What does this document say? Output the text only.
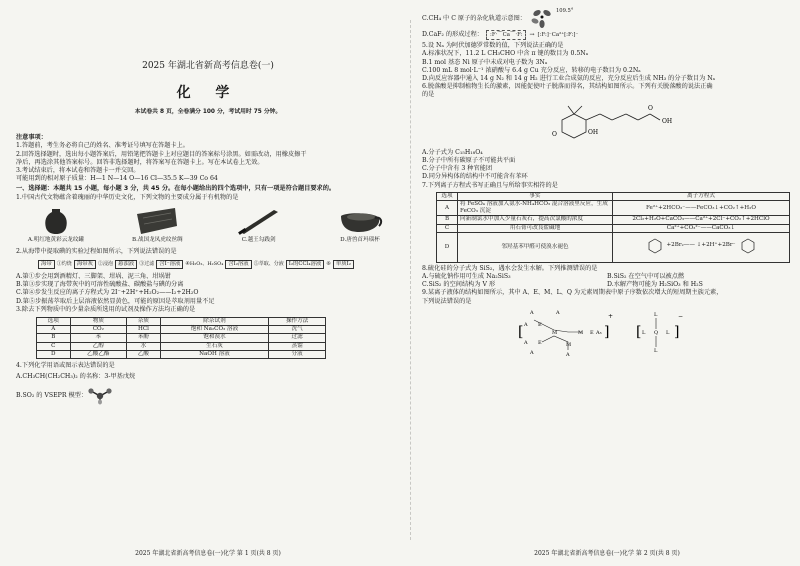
2025 年湖北省新高考信息卷(一)
化 学
本试卷共 8 页，全卷满分 100 分，考试用时 75 分钟。
注意事项：

1.答题前，考生务必将自己的姓名、准考证号填写在答题卡上。

2.回答选择题时，选出每小题答案后，用铅笔把答题卡上对应题目的答案标号涂黑。如需改动，用橡皮擦干

净后，再选涂其他答案标号。回答非选择题时，将答案写在答题卡上。写在本试卷上无效。

3.考试结束后，将本试卷和答题卡一并交回。

可能用到的相对原子质量：H—1 N—14 O—16 Cl—35.5 K—39 Co 64

一、选择题：本题共 15 小题，每小题 3 分，共 45 分。在每小题给出的四个选项中，只有一项是符合题目要求的。

1.中国古代文物蕴含着瑰丽的中华历史文化，下列文物的主要成分属于有机物的是

A.明红地黄彩云龙纹罐	B.战国龙凤虎纹丝绸	C.越王勾践剑	D.唐兽首玛瑙杯

2.从海带中提取碘的实验过程如图所示，下列说法错误的是

海带	①灼烧 海带灰	②浸泡 悬浊液	③过滤 含I⁻溶液	④H₂O₂、H₂SO₄ 含I₂溶液	⑤萃取、分液 I₂的CCl₄溶液	⑥ 单质I₂

A.第①步会用到酒精灯、三脚架、坩埚、泥三角、坩埚钳

B.第③步实现了海带灰中的可溶性硫酸盐、碳酸盐与碘的分离

C.第④步发生反应的离子方程式为 2I⁻+2H⁺+H₂O₂——I₂+2H₂O

D.第⑤步振荡萃取后上层溶液依然显黄色，可能的原因是萃取剂用量不足

3.除去下列物质中的少量杂质所选用的试剂及操作方法均正确的是

选项	物质	杂质	除杂试剂	操作方法
A	CO₂	HCl	饱和 Na₂CO₃ 溶液	洗气
B	苯	苯酚	饱和溴水	过滤
C	乙醇	水	生石灰	蒸馏
D	乙酸乙酯	乙酸	NaOH 溶液	分液

4.下列化学用语或图示表达错误的是

A.CH₃CH(CH₂CH₃)₂ 的名称：3-甲基戊烷

B.SO₂ 的 VSEPR 模型：
2025 年湖北省新高考信息卷(一)化学 第 1 页(共 8 页)
C.CH₄ 中 C 原子的杂化轨道示意图：
109.5°
D.CaF₂ 的形成过程：	:F·⌒Ca⌒·F:	→ [:F:]⁻Ca²⁺[:F:]⁻

5.设 Nₐ 为阿伏加德罗常数的值，下列说法正确的是

A.标准状况下，11.2 L CH₃CHO 中含 π 键的数目为 0.5Nₐ

B.1 mol 基态 Ni 原子中未成对电子数为 3Nₐ

C.100 mL 8 mol·L⁻¹ 浓硝酸与 6.4 g Cu 充分反应，转移的电子数目为 0.2Nₐ

D.向反应容器中通入 14 g N₂ 和 14 g H₂ 进行工业合成氨的反应，充分反应后生成 NH₃ 的分子数目为 Nₐ

6.脱落酸是抑制植物生长的激素，因能促使叶子脱落而得名，其结构如图所示。下列有关脱落酸的说法正确

的是

O	OH
OH
O

A.分子式为 C₁₅H₁₈O₄

B.分子中所有碳原子不可能共平面

C.分子中含有 3 种官能团

D.同分异构体的结构中不可能含有苯环

7.下列离子方程式书写正确且与所给事实相符的是

选项	事实	离子方程式
A	将 FeSO₄ 溶液加入氨水-NH₄HCO₃ 混合溶液里反应，生成 FeCO₃ 沉淀	Fe²⁺+2HCO₃⁻——FeCO₃↓+CO₂↑+H₂O
B	向新制氯水中加入少量石灰石，提高次氯酸的浓度	2Cl₂+H₂O+CaCO₃——Ca²⁺+2Cl⁻+CO₂↑+2HClO
C	用石膏可改良盐碱地	Ca²⁺+CO₃²⁻——CaCO₃↓
D	邻羟基苯甲醛可使溴水褪色	+2Br₂—— ↓+2H⁺+2Br⁻

8.硫化硅的分子式为 SiS₂，遇水会发生水解。下列推测错误的是

A.与硫化钠作用可生成 Na₂SiS₃	B.SiS₂ 在空气中可以被点燃
C.SiS₂ 的空间结构为 V 形	D.水解产物可能为 H₂SiO₃ 和 H₂S

9.某离子液体的结构如图所示，其中 A、E、M、L、Q 为元素周期表中原子序数依次增大的短周期主族元素，

下列说法错误的是

[	]
+
A
A
A
A
A
E
E
M
M
A
M E A₃ [ ]
−
L
L Q L
L
2025 年湖北省新高考信息卷(一)化学 第 2 页(共 8 页)
